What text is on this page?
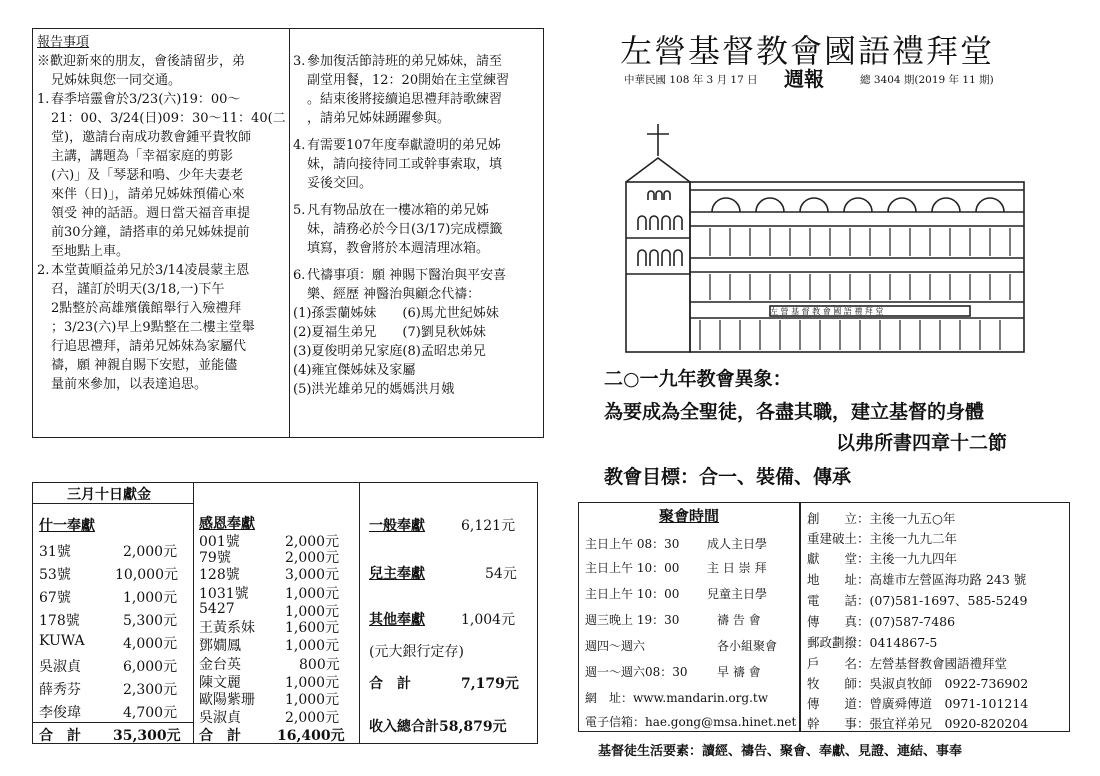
報告事項
※歡迎新來的朋友，會後請留步，弟
兄姊妹與您一同交通。
1. 春季培靈會於3/23(六)19：00～
21：00、3/24(日)09：30～11：40(二
堂)，邀請台南成功教會鍾平貴牧師
主講，講題為「幸福家庭的剪影
(六)」及「琴瑟和鳴、少年夫妻老
來伴（日)」，請弟兄姊妹預備心來
領受 神的話語。週日當天福音車提
前30分鐘，請搭車的弟兄姊妹提前
至地點上車。
2. 本堂黃順益弟兄於3/14凌晨蒙主恩
召，謹訂於明天(3/18,一)下午
2點整於高雄殯儀館舉行入殮禮拜
；3/23(六)早上9點整在二樓主堂舉
行追思禮拜，請弟兄姊妹為家屬代
禱，願 神親自賜下安慰，並能儘
量前來參加，以表達追思。
3. 參加復活節詩班的弟兄姊妹，請至
副堂用餐，12：20開始在主堂練習
。結束後將接續追思禮拜詩歌練習
，請弟兄姊妹踴躍參與。
4. 有需要107年度奉獻證明的弟兄姊
妹，請向接待同工或幹事索取，填
妥後交回。
5. 凡有物品放在一樓冰箱的弟兄姊
妹，請務必於今日(3/17)完成標籤
填寫，教會將於本週清理冰箱。
6. 代禱事項：願 神賜下醫治與平安喜
樂、經歷 神醫治與顧念代禱：
(1)孫雲蘭姊妹　　(6)馬尤世紀姊妹
(2)夏福生弟兄　　(7)劉見秋姊妹
(3)夏俊明弟兄家庭(8)孟昭忠弟兄
(4)雍宜傑姊妹及家屬
(5)洪光雄弟兄的媽媽洪月娥
左營基督教會國語禮拜堂
中華民國 108 年 3 月 17 日 週報	總 3404 期(2019 年 11 期)
左 營 基 督 教 會 國 語 禮 拜 堂
二○一九年教會異象：
為要成為全聖徒，各盡其職，建立基督的身體
以弗所書四章十二節
教會目標：合一、裝備、傳承
三月十日獻金
什一奉獻
31號	2,000元
53號	10,000元
67號	1,000元
178號	5,300元
KUWA	4,000元
吳淑貞	6,000元
薛秀芬	2,300元
李俊瑋	4,700元
合　計 35,300元
感恩奉獻
001號	2,000元
79號	2,000元
128號	3,000元
1031號	1,000元
5427	1,000元
王黃系妹 1,600元
鄧嫺鳳	1,000元
金台英	800元
陳文麗	1,000元
歐陽紫珊 1,000元
吳淑貞	2,000元
合　計	16,400元
一般奉獻	6,121元
兒主奉獻	54元
其他奉獻	1,004元
(元大銀行定存)
合　計	7,179元
收入總合計58,879元
聚會時間
主日上午 08：30 成人主日學
主日上午 10：00 主 日 崇 拜
主日上午 10：00 兒童主日學
週三晚上 19：30	禱 告 會
週四～週六	各小組聚會
週一～週六08：30 早 禱 會
網　址：www.mandarin.org.tw
電子信箱：hae.gong@msa.hinet.net
創　　立：主後一九五○年
重建破土：主後一九九二年
獻　　堂：主後一九九四年
地　　址：高雄市左營區海功路 243 號
電　　話：(07)581-1697、585-5249
傳　　真：(07)587-7486
郵政劃撥：0414867-5
戶　　名：左營基督教會國語禮拜堂
牧　　師：吳淑貞牧師　0922-736902
傳　　道：曾廣舜傳道　0971-101214
幹　　事：張宜祥弟兄　0920-820204
基督徒生活要素：讀經、禱告、聚會、奉獻、見證、連結、事奉
